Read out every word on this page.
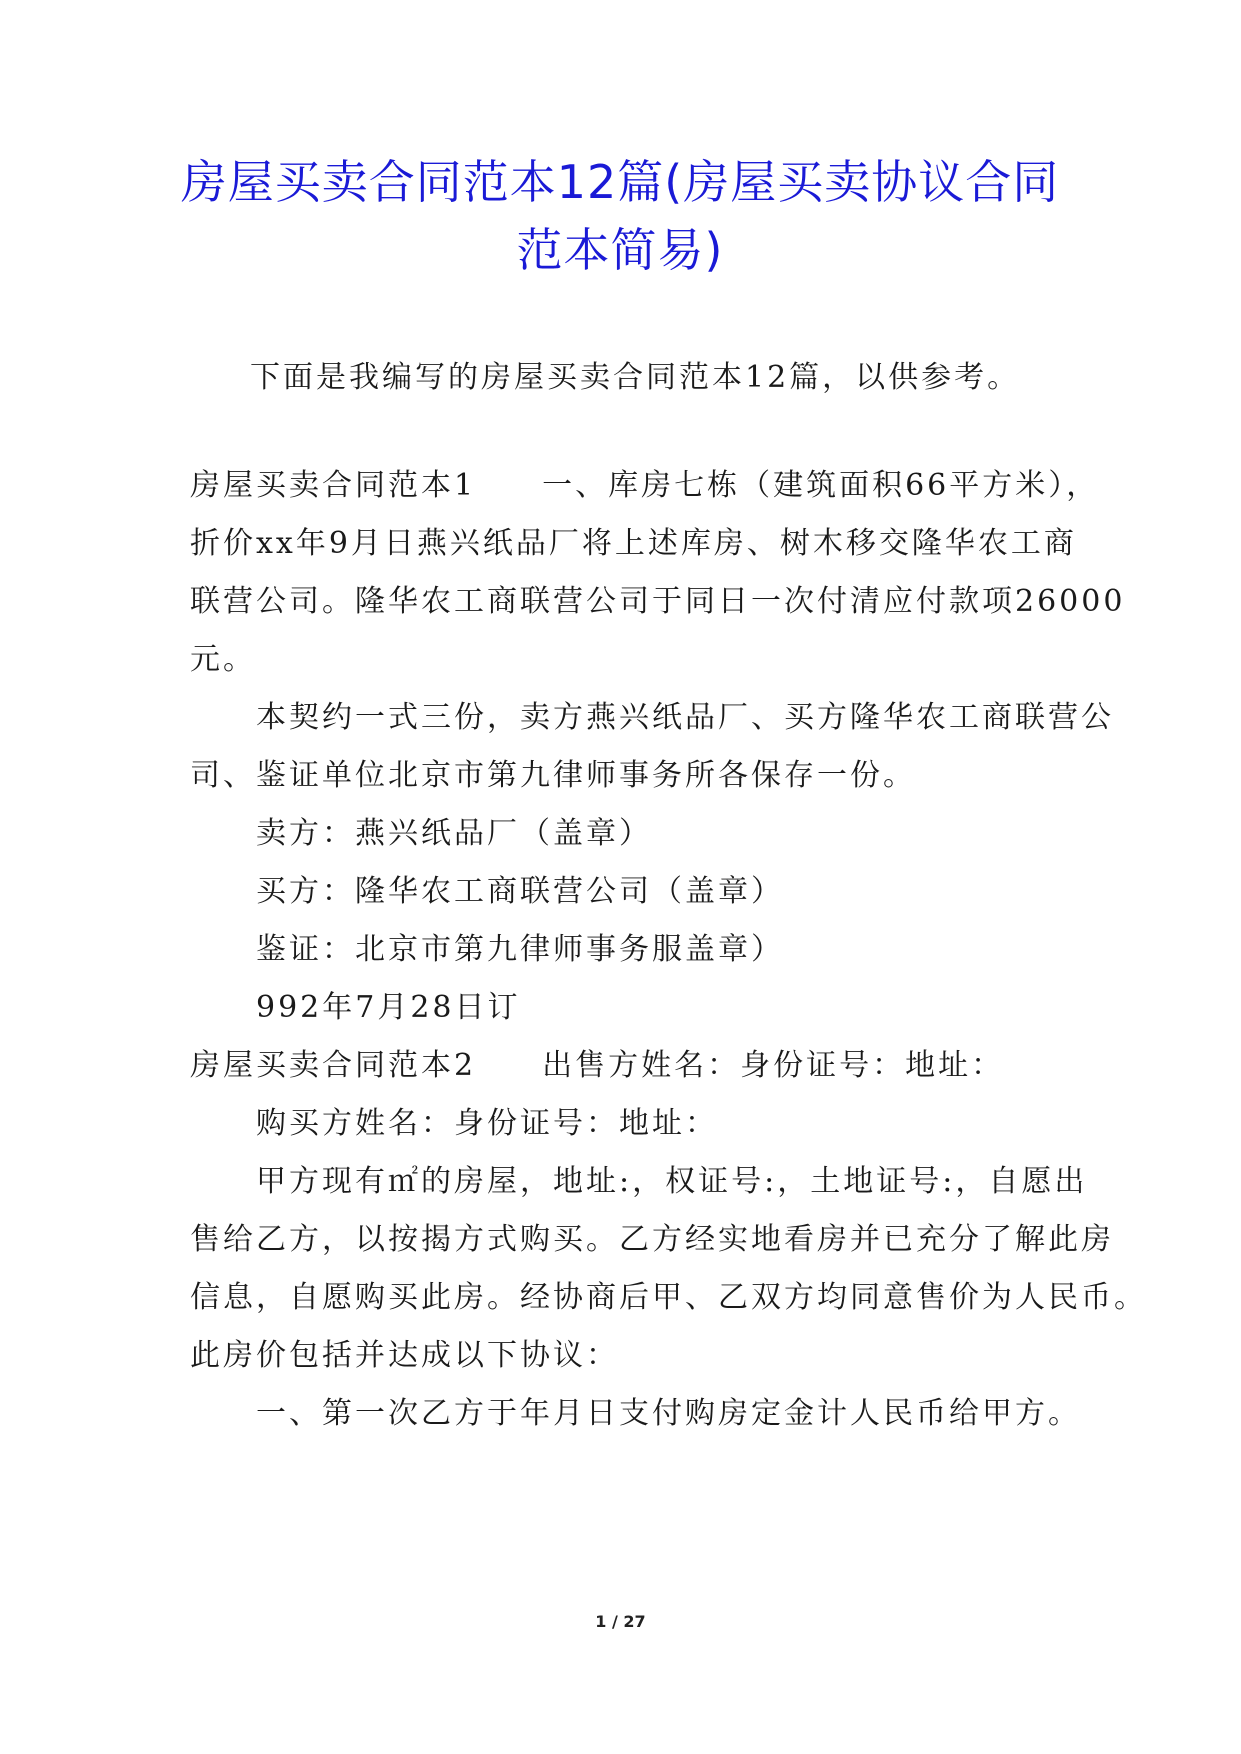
房屋买卖合同范本12篇(房屋买卖协议合同
范本简易)
下面是我编写的房屋买卖合同范本12篇，以供参考。
房屋买卖合同范本1　　一、库房七栋（建筑面积66平方米），
折价xx年9月日燕兴纸品厂将上述库房、树木移交隆华农工商
联营公司。隆华农工商联营公司于同日一次付清应付款项26000
元。
　　本契约一式三份，卖方燕兴纸品厂、买方隆华农工商联营公
司、鉴证单位北京市第九律师事务所各保存一份。
　　卖方：燕兴纸品厂（盖章）
　　买方：隆华农工商联营公司（盖章）
　　鉴证：北京市第九律师事务服盖章）
　　992年7月28日订
房屋买卖合同范本2　　出售方姓名：身份证号：地址：
　　购买方姓名：身份证号：地址：
　　甲方现有㎡的房屋，地址:，权证号:，土地证号:，自愿出
售给乙方，以按揭方式购买。乙方经实地看房并已充分了解此房
信息，自愿购买此房。经协商后甲、乙双方均同意售价为人民币。
此房价包括并达成以下协议：
　　一、第一次乙方于年月日支付购房定金计人民币给甲方。
1 / 27
